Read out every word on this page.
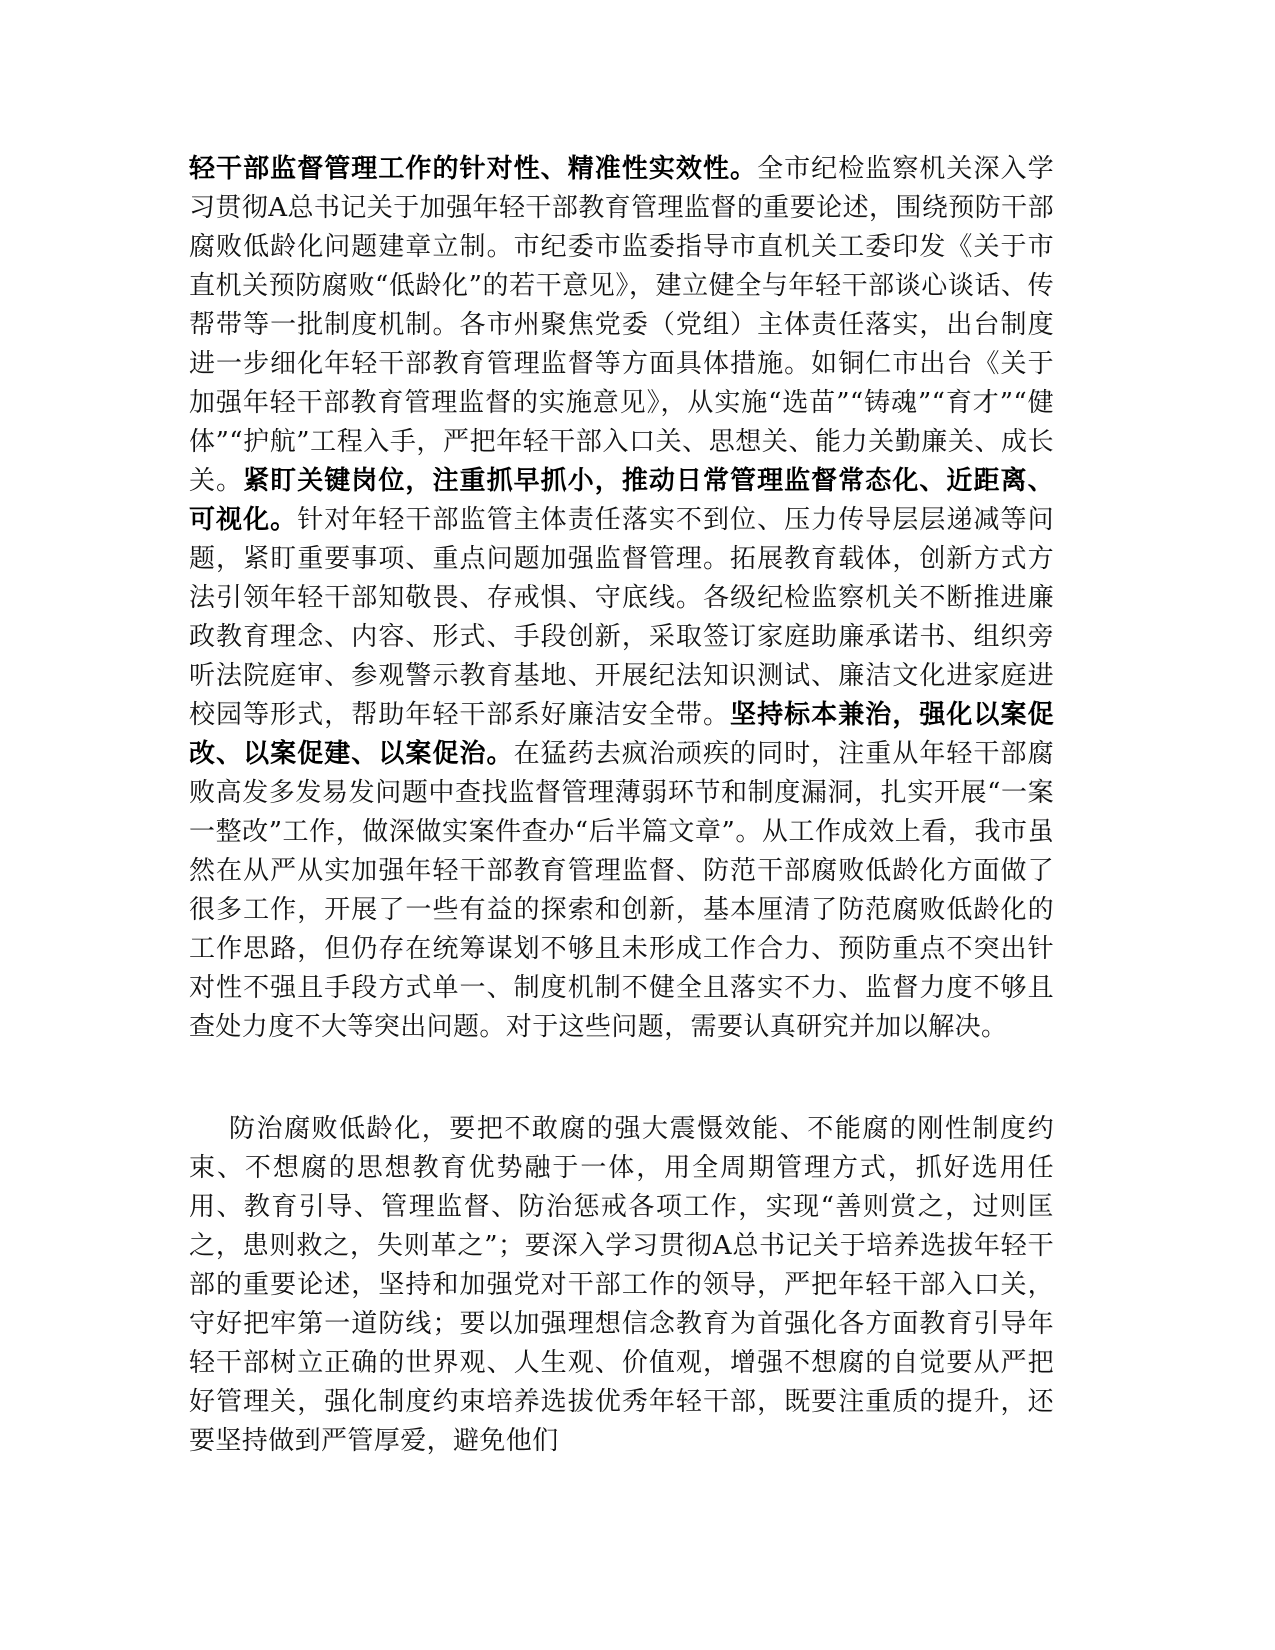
轻干部监督管理工作的针对性、精准性实效性。全市纪检监察机关深入学习贯彻A总书记关于加强年轻干部教育管理监督的重要论述，围绕预防干部腐败低龄化问题建章立制。市纪委市监委指导市直机关工委印发《关于市直机关预防腐败“低龄化”的若干意见》，建立健全与年轻干部谈心谈话、传帮带等一批制度机制。各市州聚焦党委（党组）主体责任落实，出台制度进一步细化年轻干部教育管理监督等方面具体措施。如铜仁市出台《关于加强年轻干部教育管理监督的实施意见》，从实施“选苗”“铸魂”“育才”“健体”“护航”工程入手，严把年轻干部入口关、思想关、能力关勤廉关、成长关。紧盯关键岗位，注重抓早抓小，推动日常管理监督常态化、近距离、可视化。针对年轻干部监管主体责任落实不到位、压力传导层层递减等问题，紧盯重要事项、重点问题加强监督管理。拓展教育载体，创新方式方法引领年轻干部知敬畏、存戒惧、守底线。各级纪检监察机关不断推进廉政教育理念、内容、形式、手段创新，采取签订家庭助廉承诺书、组织旁听法院庭审、参观警示教育基地、开展纪法知识测试、廉洁文化进家庭进校园等形式，帮助年轻干部系好廉洁安全带。坚持标本兼治，强化以案促改、以案促建、以案促治。在猛药去疯治顽疾的同时，注重从年轻干部腐败高发多发易发问题中查找监督管理薄弱环节和制度漏洞，扎实开展“一案一整改”工作，做深做实案件查办“后半篇文章”。从工作成效上看，我市虽然在从严从实加强年轻干部教育管理监督、防范干部腐败低龄化方面做了很多工作，开展了一些有益的探索和创新，基本厘清了防范腐败低龄化的工作思路，但仍存在统筹谋划不够且未形成工作合力、预防重点不突出针对性不强且手段方式单一、制度机制不健全且落实不力、监督力度不够且查处力度不大等突出问题。对于这些问题，需要认真研究并加以解决。

防治腐败低龄化，要把不敢腐的强大震慑效能、不能腐的刚性制度约束、不想腐的思想教育优势融于一体，用全周期管理方式，抓好选用任用、教育引导、管理监督、防治惩戒各项工作，实现“善则赏之，过则匡之，患则救之，失则革之”；要深入学习贯彻A总书记关于培养选拔年轻干部的重要论述，坚持和加强党对干部工作的领导，严把年轻干部入口关，守好把牢第一道防线；要以加强理想信念教育为首强化各方面教育引导年轻干部树立正确的世界观、人生观、价值观，增强不想腐的自觉要从严把好管理关，强化制度约束培养选拔优秀年轻干部，既要注重质的提升，还要坚持做到严管厚爱，避免他们
